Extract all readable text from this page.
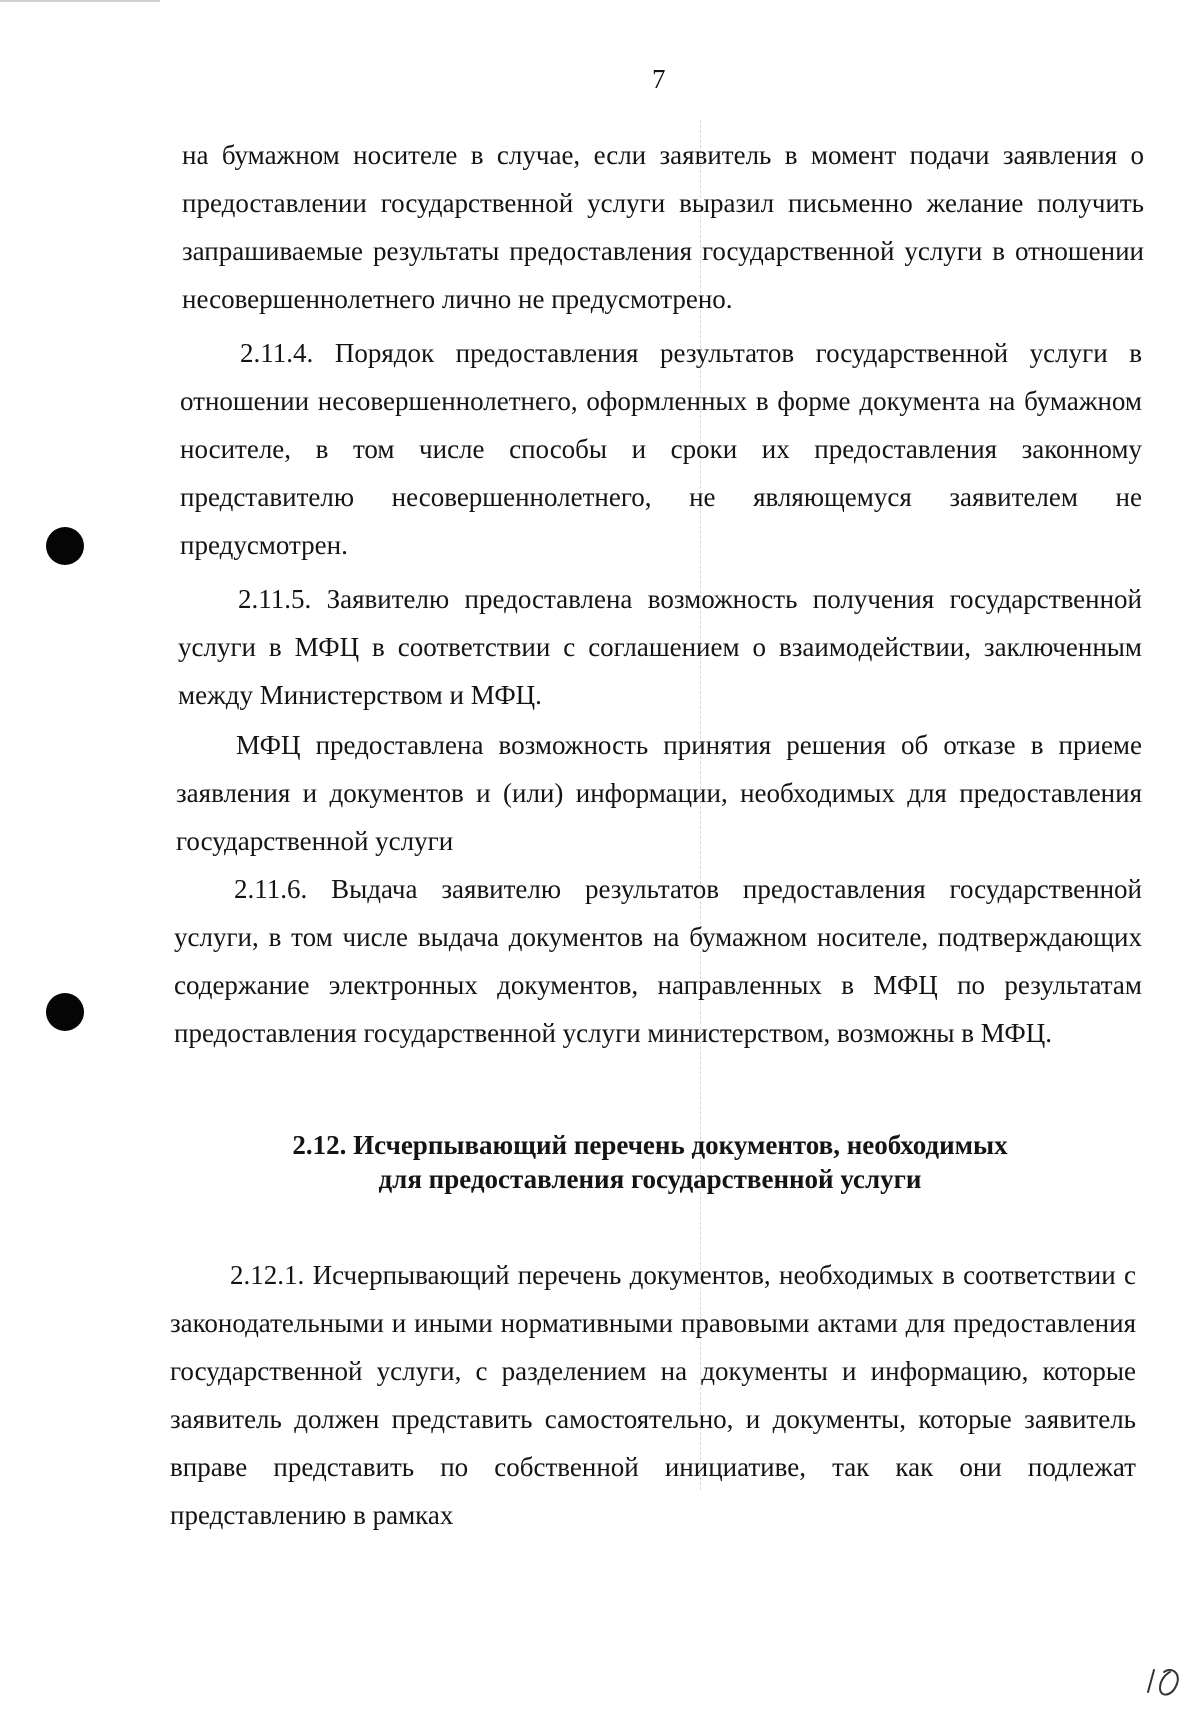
7

на бумажном носителе в случае, если заявитель в момент подачи заявления о предоставлении государственной услуги выразил письменно желание получить запрашиваемые результаты предоставления государственной услуги в отношении несовершеннолетнего лично не предусмотрено.

2.11.4. Порядок предоставления результатов государственной услуги в отношении несовершеннолетнего, оформленных в форме документа на бумажном носителе, в том числе способы и сроки их предоставления законному представителю несовершеннолетнего, не являющемуся заявителем не предусмотрен.

2.11.5. Заявителю предоставлена возможность получения государственной услуги в МФЦ в соответствии с соглашением о взаимодействии, заключенным между Министерством и МФЦ.

МФЦ предоставлена возможность принятия решения об отказе в приеме заявления и документов и (или) информации, необходимых для предоставления государственной услуги

2.11.6. Выдача заявителю результатов предоставления государственной услуги, в том числе выдача документов на бумажном носителе, подтверждающих содержание электронных документов, направленных в МФЦ по результатам предоставления государственной услуги министерством, возможны в МФЦ.

2.12. Исчерпывающий перечень документов, необходимых
для предоставления государственной услуги

2.12.1. Исчерпывающий перечень документов, необходимых в соответствии с законодательными и иными нормативными правовыми актами для предоставления государственной услуги, с разделением на документы и информацию, которые заявитель должен представить самостоятельно, и документы, которые заявитель вправе представить по собственной инициативе, так как они подлежат представлению в рамках
